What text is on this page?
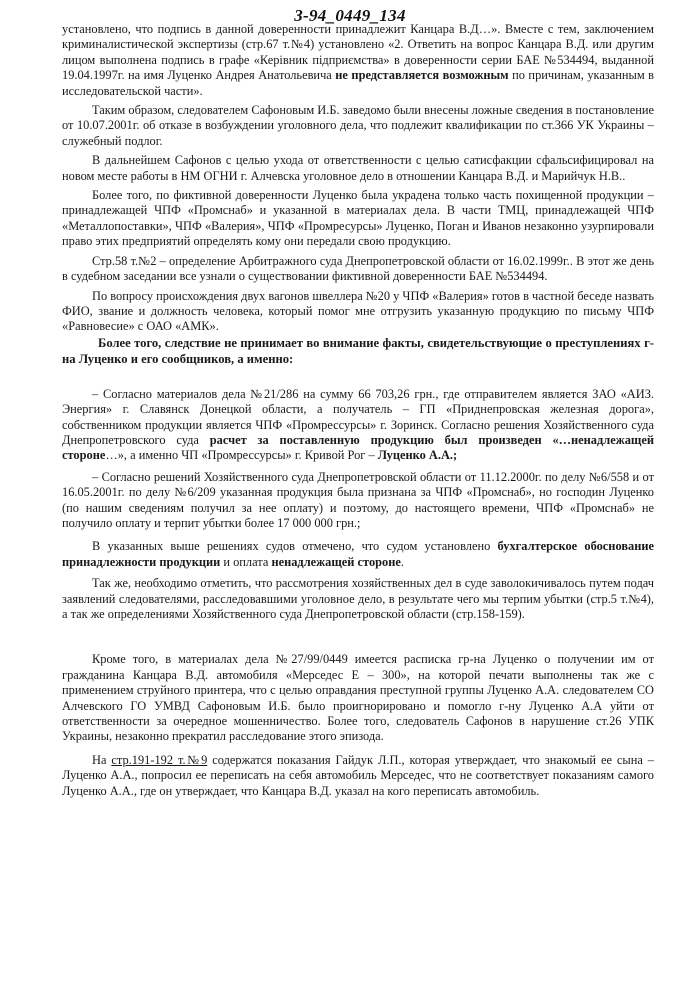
3-94_0449_134

установлено, что подпись в данной доверенности принадлежит Канцара В.Д…». Вместе с тем, заключением криминалистической экспертизы (стр.67 т.№4) установлено «2. Ответить на вопрос Канцара В.Д. или другим лицом выполнена подпись в графе «Керівник підприємства» в доверенности серии БАЕ №534494, выданной 19.04.1997г. на имя Луценко Андрея Анатольевича не представляется возможным по причинам, указанным в исследовательской части».

Таким образом, следователем Сафоновым И.Б. заведомо были внесены ложные сведения в постановление от 10.07.2001г. об отказе в возбуждении уголовного дела, что подлежит квалификации по ст.366 УК Украины – служебный подлог.

В дальнейшем Сафонов с целью ухода от ответственности с целью сатисфакции сфальсифицировал на новом месте работы в НМ ОГНИ г. Алчевска уголовное дело в отношении Канцара В.Д. и Марийчук Н.В..

Более того, по фиктивной доверенности Луценко была украдена только часть похищенной продукции – принадлежащей ЧПФ «Промснаб» и указанной в материалах дела. В части ТМЦ, принадлежащей ЧПФ «Металлопоставки», ЧПФ «Валерия», ЧПФ «Промресурсы» Луценко, Поган и Иванов незаконно узурпировали право этих предприятий определять кому они передали свою продукцию.

Стр.58 т.№2 – определение Арбитражного суда Днепропетровской области от 16.02.1999г.. В этот же день в судебном заседании все узнали о существовании фиктивной доверенности БАЕ №534494.

По вопросу происхождения двух вагонов швеллера №20 у ЧПФ «Валерия» готов в частной беседе назвать ФИО, звание и должность человека, который помог мне отгрузить указанную продукцию по письму ЧПФ «Равновесие» с ОАО «АМК».

Более того, следствие не принимает во внимание факты, свидетельствующие о преступлениях г-на Луценко и его сообщников, а именно:

– Согласно материалов дела №21/286 на сумму 66 703,26 грн., где отправителем является ЗАО «АИЗ. Энергия» г. Славянск Донецкой области, а получатель – ГП «Приднепровская железная дорога», собственником продукции является ЧПФ «Промрессурсы» г. Зоринск. Согласно решения Хозяйственного суда Днепропетровского суда расчет за поставленную продукцию был произведен «…ненадлежащей стороне…», а именно ЧП «Промрессурсы» г. Кривой Рог – Луценко А.А.;

– Согласно решений Хозяйственного суда Днепропетровской области от 11.12.2000г. по делу №6/558 и от 16.05.2001г. по делу №6/209 указанная продукция была признана за ЧПФ «Промснаб», но господин Луценко (по нашим сведениям получил за нее оплату) и поэтому, до настоящего времени, ЧПФ «Промснаб» не получило оплату и терпит убытки более 17 000 000 грн.;

В указанных выше решениях судов отмечено, что судом установлено бухгалтерское обоснование принадлежности продукции и оплата ненадлежащей стороне.

Так же, необходимо отметить, что рассмотрения хозяйственных дел в суде заволокичивалось путем подач заявлений следователями, расследовавшими уголовное дело, в результате чего мы терпим убытки (стр.5 т.№4), а так же определениями Хозяйственного суда Днепропетровской области (стр.158-159).

Кроме того, в материалах дела №27/99/0449 имеется расписка гр-на Луценко о получении им от гражданина Канцара В.Д. автомобиля «Мерседес Е – 300», на которой печати выполнены так же с применением струйного принтера, что с целью оправдания преступной группы Луценко А.А. следователем СО Алчевского ГО УМВД Сафоновым И.Б. было проигнорировано и помогло г-ну Луценко А.А уйти от ответственности за очередное мошенничество. Более того, следователь Сафонов в нарушение ст.26 УПК Украины, незаконно прекратил расследование этого эпизода.

На стр.191-192 т.№9 содержатся показания Гайдук Л.П., которая утверждает, что знакомый ее сына – Луценко А.А., попросил ее переписать на себя автомобиль Мерседес, что не соответствует показаниям самого Луценко А.А., где он утверждает, что Канцара В.Д. указал на кого переписать автомобиль.
